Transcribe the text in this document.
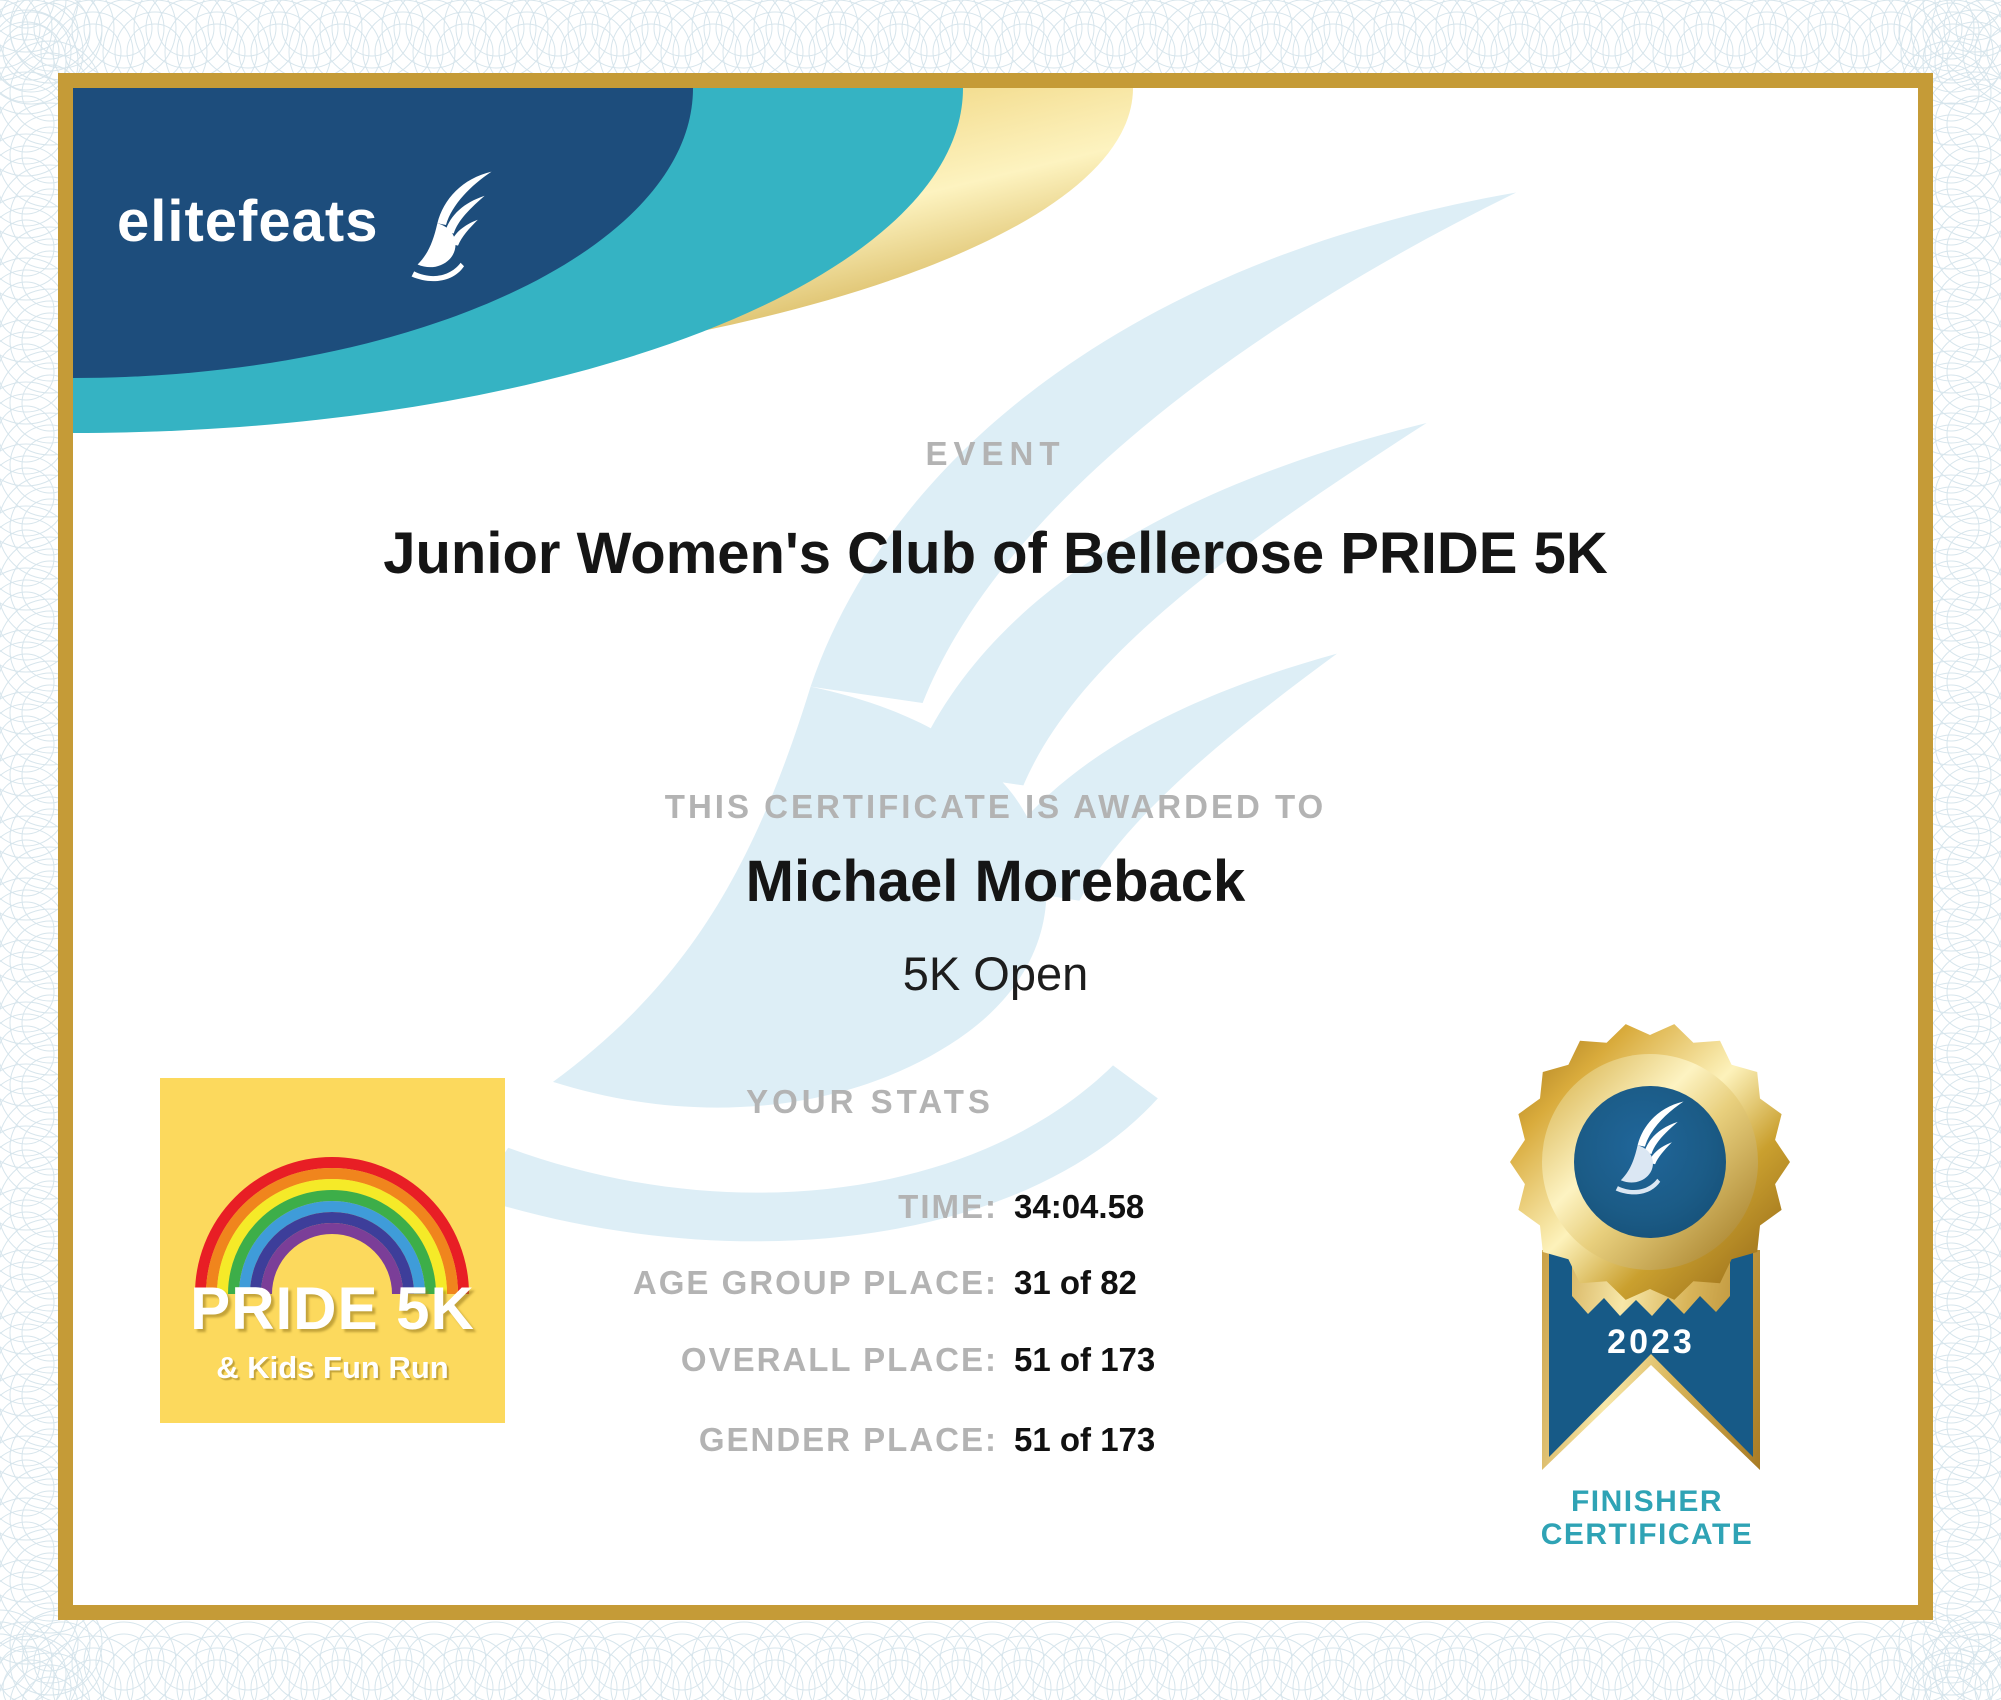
elitefeats
EVENT
Junior Women's Club of Bellerose PRIDE 5K
THIS CERTIFICATE IS AWARDED TO
Michael Moreback
5K Open
YOUR STATS
TIME: 34:04.58
AGE GROUP PLACE: 31 of 82
OVERALL PLACE: 51 of 173
GENDER PLACE: 51 of 173
PRIDE 5K
& Kids Fun Run
2023
FINISHER
CERTIFICATE
